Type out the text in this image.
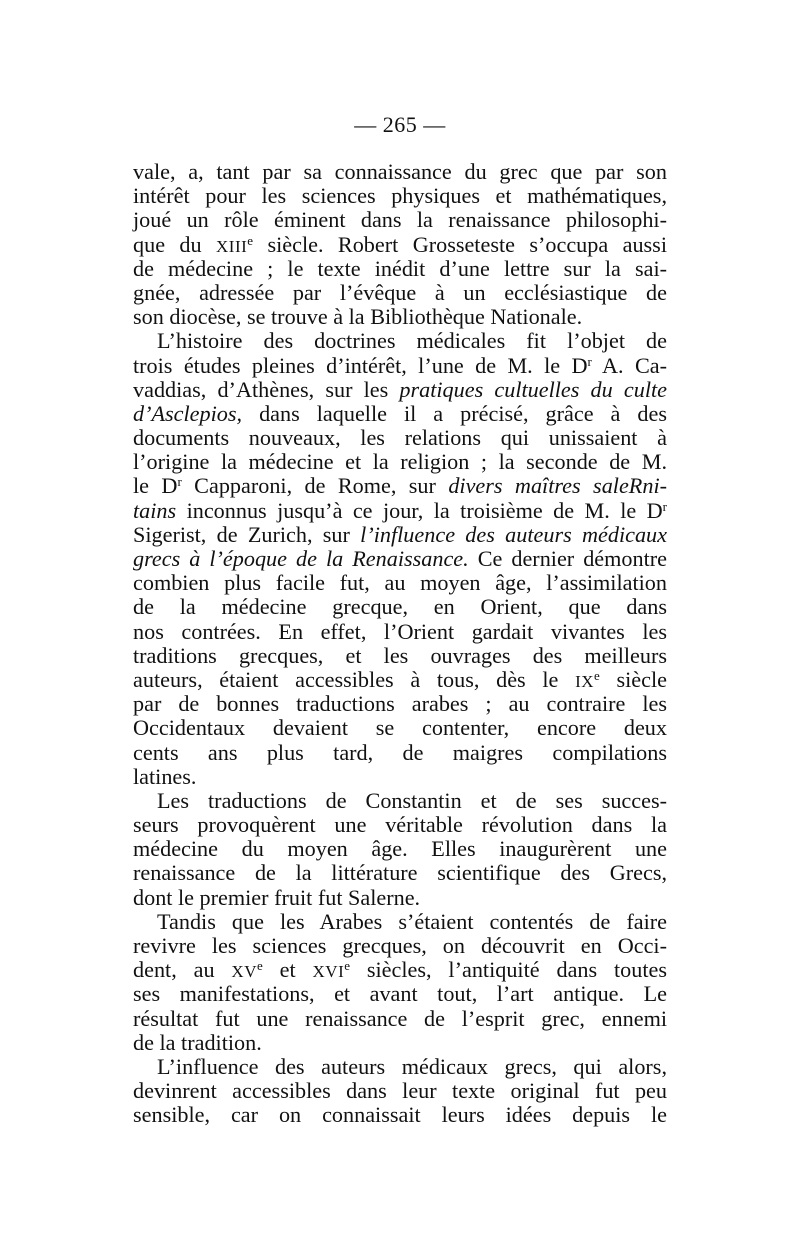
— 265 —
vale, a, tant par sa connaissance du grec que par son
intérêt pour les sciences physiques et mathématiques,
joué un rôle éminent dans la renaissance philosophi-
que du XIIIe siècle. Robert Grosseteste s’occupa aussi
de médecine ; le texte inédit d’une lettre sur la sai-
gnée, adressée par l’évêque à un ecclésiastique de
son diocèse, se trouve à la Bibliothèque Nationale.
L’histoire des doctrines médicales fit l’objet de
trois études pleines d’intérêt, l’une de M. le $D^r$ A. Ca-
vaddias, d’Athènes, sur les pratiques cultuelles du culte
d’Asclepios, dans laquelle il a précisé, grâce à des
documents nouveaux, les relations qui unissaient à
l’origine la médecine et la religion ; la seconde de M.
le $D^r$ Capparoni, de Rome, sur divers maîtres saleRni-
tains inconnus jusqu’à ce jour, la troisième de M. le $D^r$
Sigerist, de Zurich, sur l’influence des auteurs médicaux
grecs à l’époque de la Renaissance. Ce dernier démontre
combien plus facile fut, au moyen âge, l’assimilation
de la médecine grecque, en Orient, que dans
nos contrées. En effet, l’Orient gardait vivantes les
traditions grecques, et les ouvrages des meilleurs
auteurs, étaient accessibles à tous, dès le IXe siècle
par de bonnes traductions arabes ; au contraire les
Occidentaux devaient se contenter, encore deux
cents ans plus tard, de maigres compilations
latines.
Les traductions de Constantin et de ses succes-
seurs provoquèrent une véritable révolution dans la
médecine du moyen âge. Elles inaugurèrent une
renaissance de la littérature scientifique des Grecs,
dont le premier fruit fut Salerne.
Tandis que les Arabes s’étaient contentés de faire
revivre les sciences grecques, on découvrit en Occi-
dent, au XVe et XVIe siècles, l’antiquité dans toutes
ses manifestations, et avant tout, l’art antique. Le
résultat fut une renaissance de l’esprit grec, ennemi
de la tradition.
L’influence des auteurs médicaux grecs, qui alors,
devinrent accessibles dans leur texte original fut peu
sensible, car on connaissait leurs idées depuis le
